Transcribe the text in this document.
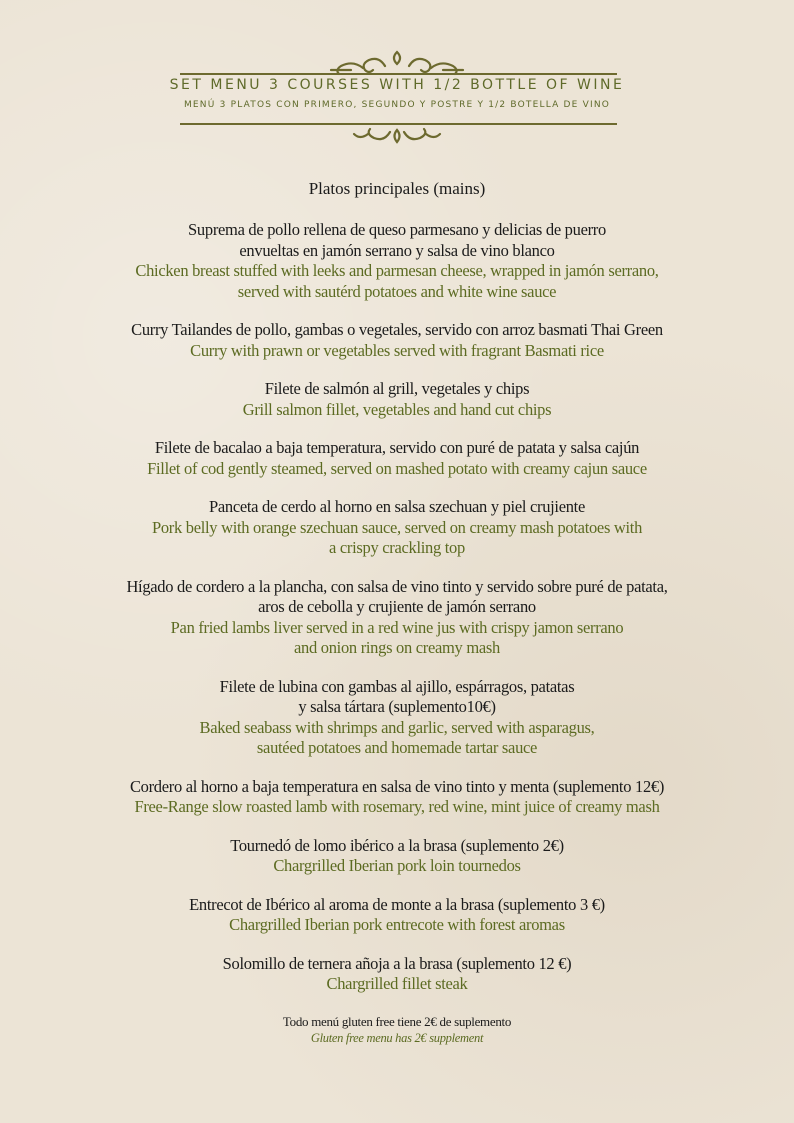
SET MENU 3 COURSES WITH 1/2 BOTTLE OF WINE
MENÚ 3 PLATOS CON PRIMERO, SEGUNDO Y POSTRE Y 1/2 BOTELLA DE VINO
Platos principales (mains)
Suprema de pollo rellena de queso parmesano y delicias de puerro
envueltas en jamón serrano y salsa de vino blanco
Chicken breast stuffed with leeks and parmesan cheese, wrapped in jamón serrano,
served with sautérd potatoes and white wine sauce
Curry Tailandes de pollo, gambas o vegetales, servido con arroz basmati Thai Green
Curry with prawn or vegetables served with fragrant Basmati rice
Filete de salmón al grill, vegetales y chips
Grill salmon fillet, vegetables and hand cut chips
Filete de bacalao a baja temperatura, servido con puré de patata y salsa cajún
Fillet of cod gently steamed, served on mashed potato with creamy cajun sauce
Panceta de cerdo al horno en salsa szechuan y piel crujiente
Pork belly with orange szechuan sauce, served on creamy mash potatoes with
a crispy crackling top
Hígado de cordero a la plancha, con salsa de vino tinto y servido sobre puré de patata,
aros de cebolla y crujiente de jamón serrano
Pan fried lambs liver served in a red wine jus with crispy jamon serrano
and onion rings on creamy mash
Filete de lubina con gambas al ajillo, espárragos, patatas
y salsa tártara (suplemento10€)
Baked seabass with shrimps and garlic, served with asparagus,
sautéed potatoes and homemade tartar sauce
Cordero al horno a baja temperatura en salsa de vino tinto y menta (suplemento 12€)
Free-Range slow roasted lamb with rosemary, red wine, mint juice of creamy mash
Tournedó de lomo ibérico a la brasa (suplemento 2€)
Chargrilled Iberian pork loin tournedos
Entrecot de Ibérico al aroma de monte a la brasa (suplemento 3 €)
Chargrilled Iberian pork entrecote with forest aromas
Solomillo de ternera añoja a la brasa (suplemento 12 €)
Chargrilled fillet steak
Todo menú gluten free tiene 2€ de suplemento
Gluten free menu has 2€ supplement
